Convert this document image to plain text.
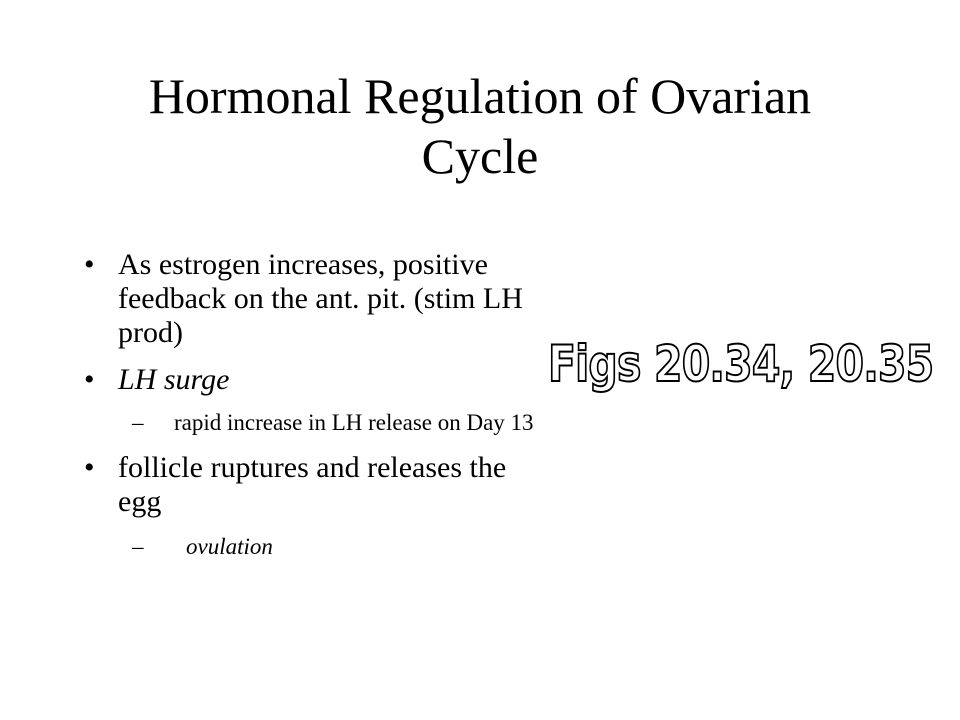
Hormonal Regulation of Ovarian
Cycle
• As estrogen increases, positive feedback on the ant. pit. (stim LH prod)
• LH surge
– rapid increase in LH release on Day 13
• follicle ruptures and releases the egg
– ovulation
Figs 20.34, 20.35
